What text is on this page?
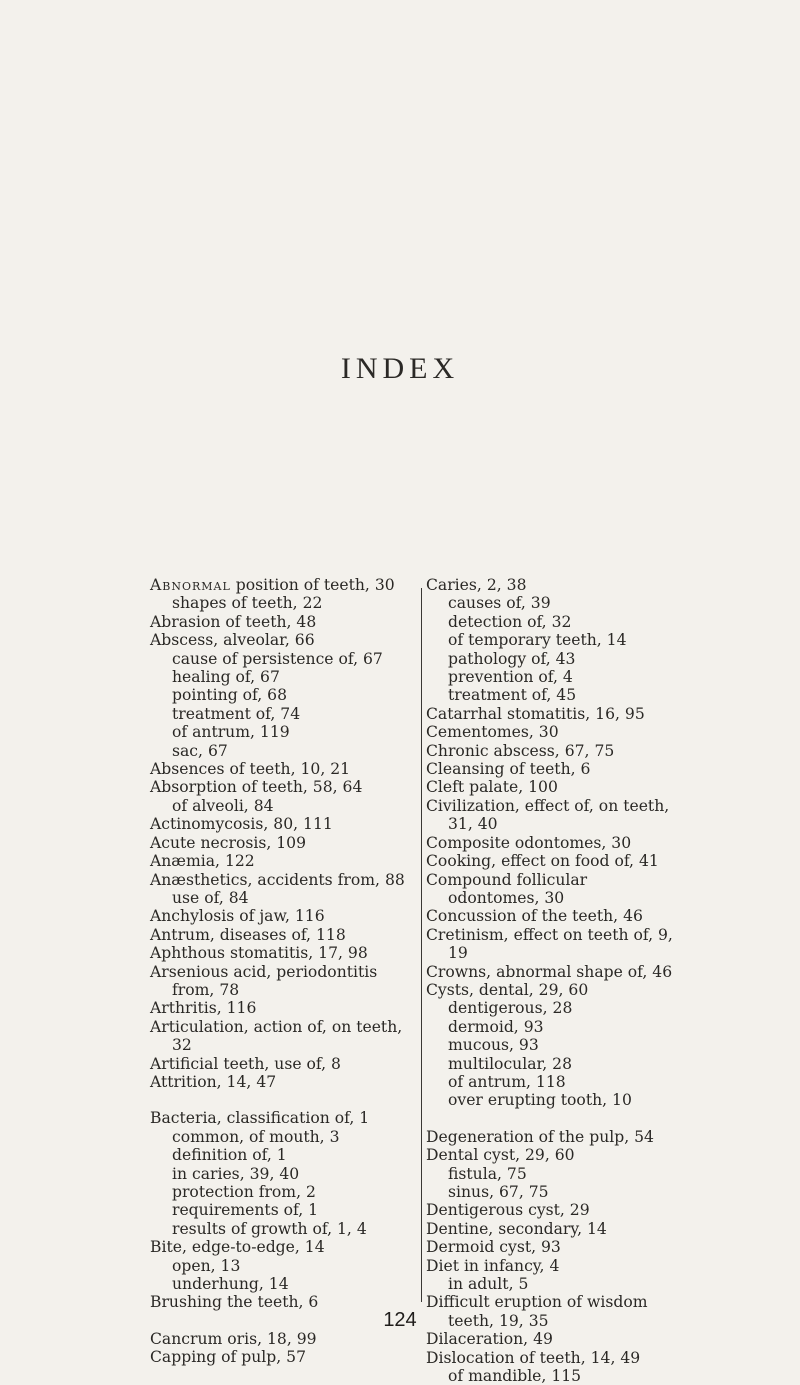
INDEX
Abnormal position of teeth, 30
shapes of teeth, 22
Abrasion of teeth, 48
Abscess, alveolar, 66
cause of persistence of, 67
healing of, 67
pointing of, 68
treatment of, 74
of antrum, 119
sac, 67
Absences of teeth, 10, 21
Absorption of teeth, 58, 64
of alveoli, 84
Actinomycosis, 80, 111
Acute necrosis, 109
Anæmia, 122
Anæsthetics, accidents from, 88
use of, 84
Anchylosis of jaw, 116
Antrum, diseases of, 118
Aphthous stomatitis, 17, 98
Arsenious acid, periodontitis from, 78
Arthritis, 116
Articulation, action of, on teeth, 32
Artificial teeth, use of, 8
Attrition, 14, 47
Bacteria, classification of, 1
common, of mouth, 3
definition of, 1
in caries, 39, 40
protection from, 2
requirements of, 1
results of growth of, 1, 4
Bite, edge-to-edge, 14
open, 13
underhung, 14
Brushing the teeth, 6
Cancrum oris, 18, 99
Capping of pulp, 57
Caries, 2, 38
causes of, 39
detection of, 32
of temporary teeth, 14
pathology of, 43
prevention of, 4
treatment of, 45
Catarrhal stomatitis, 16, 95
Cementomes, 30
Chronic abscess, 67, 75
Cleansing of teeth, 6
Cleft palate, 100
Civilization, effect of, on teeth, 31, 40
Composite odontomes, 30
Cooking, effect on food of, 41
Compound follicular odontomes, 30
Concussion of the teeth, 46
Cretinism, effect on teeth of, 9, 19
Crowns, abnormal shape of, 46
Cysts, dental, 29, 60
dentigerous, 28
dermoid, 93
mucous, 93
multilocular, 28
of antrum, 118
over erupting tooth, 10
Degeneration of the pulp, 54
Dental cyst, 29, 60
fistula, 75
sinus, 67, 75
Dentigerous cyst, 29
Dentine, secondary, 14
Dermoid cyst, 93
Diet in infancy, 4
in adult, 5
Difficult eruption of wisdom teeth, 19, 35
Dilaceration, 49
Dislocation of teeth, 14, 49
of mandible, 115
124
